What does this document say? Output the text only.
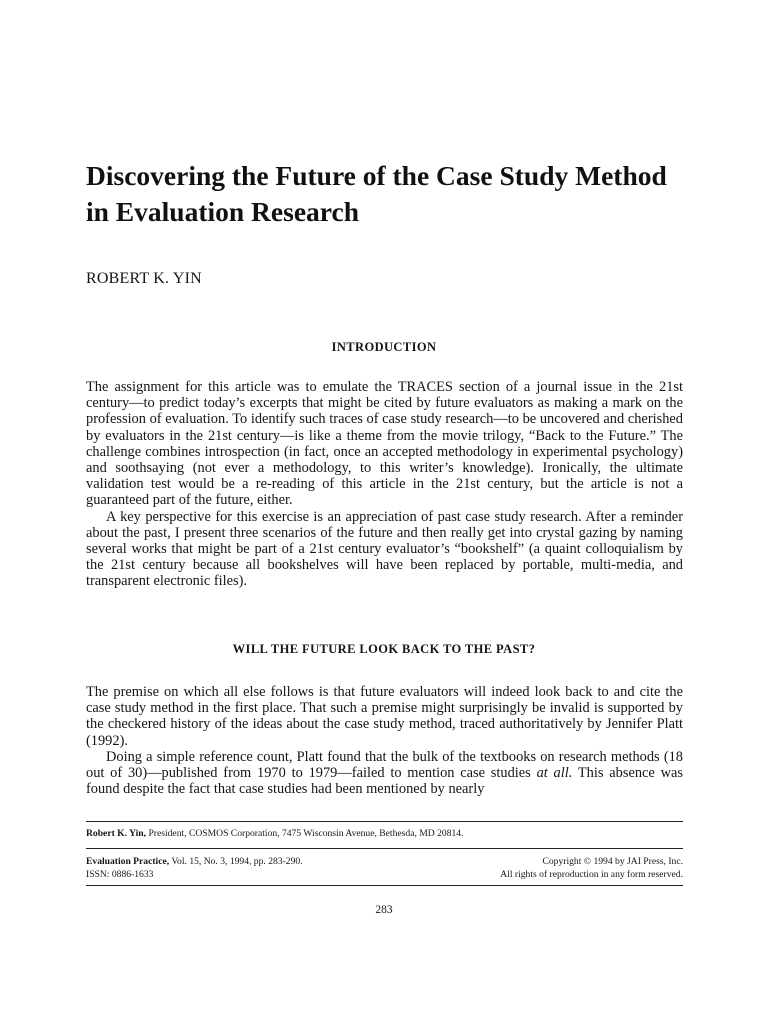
Discovering the Future of the Case Study Method in Evaluation Research

ROBERT K. YIN

INTRODUCTION

The assignment for this article was to emulate the TRACES section of a journal issue in the 21st century—to predict today’s excerpts that might be cited by future evaluators as making a mark on the profession of evaluation. To identify such traces of case study research—to be uncovered and cherished by evaluators in the 21st century—is like a theme from the movie trilogy, “Back to the Future.” The challenge combines introspection (in fact, once an accepted methodology in experimental psychology) and soothsaying (not ever a methodology, to this writer’s knowledge). Ironically, the ultimate validation test would be a re-reading of this article in the 21st century, but the article is not a guaranteed part of the future, either.

A key perspective for this exercise is an appreciation of past case study research. After a reminder about the past, I present three scenarios of the future and then really get into crystal gazing by naming several works that might be part of a 21st century evaluator’s “bookshelf” (a quaint colloquialism by the 21st century because all bookshelves will have been replaced by portable, multi-media, and transparent electronic files).

WILL THE FUTURE LOOK BACK TO THE PAST?

The premise on which all else follows is that future evaluators will indeed look back to and cite the case study method in the first place. That such a premise might surprisingly be invalid is supported by the checkered history of the ideas about the case study method, traced authoritatively by Jennifer Platt (1992).

Doing a simple reference count, Platt found that the bulk of the textbooks on research methods (18 out of 30)—published from 1970 to 1979—failed to mention case studies at all. This absence was found despite the fact that case studies had been mentioned by nearly

Robert K. Yin, President, COSMOS Corporation, 7475 Wisconsin Avenue, Bethesda, MD 20814.
Evaluation Practice, Vol. 15, No. 3, 1994, pp. 283-290.	Copyright © 1994 by JAI Press, Inc.
ISSN: 0886-1633	All rights of reproduction in any form reserved.
283
